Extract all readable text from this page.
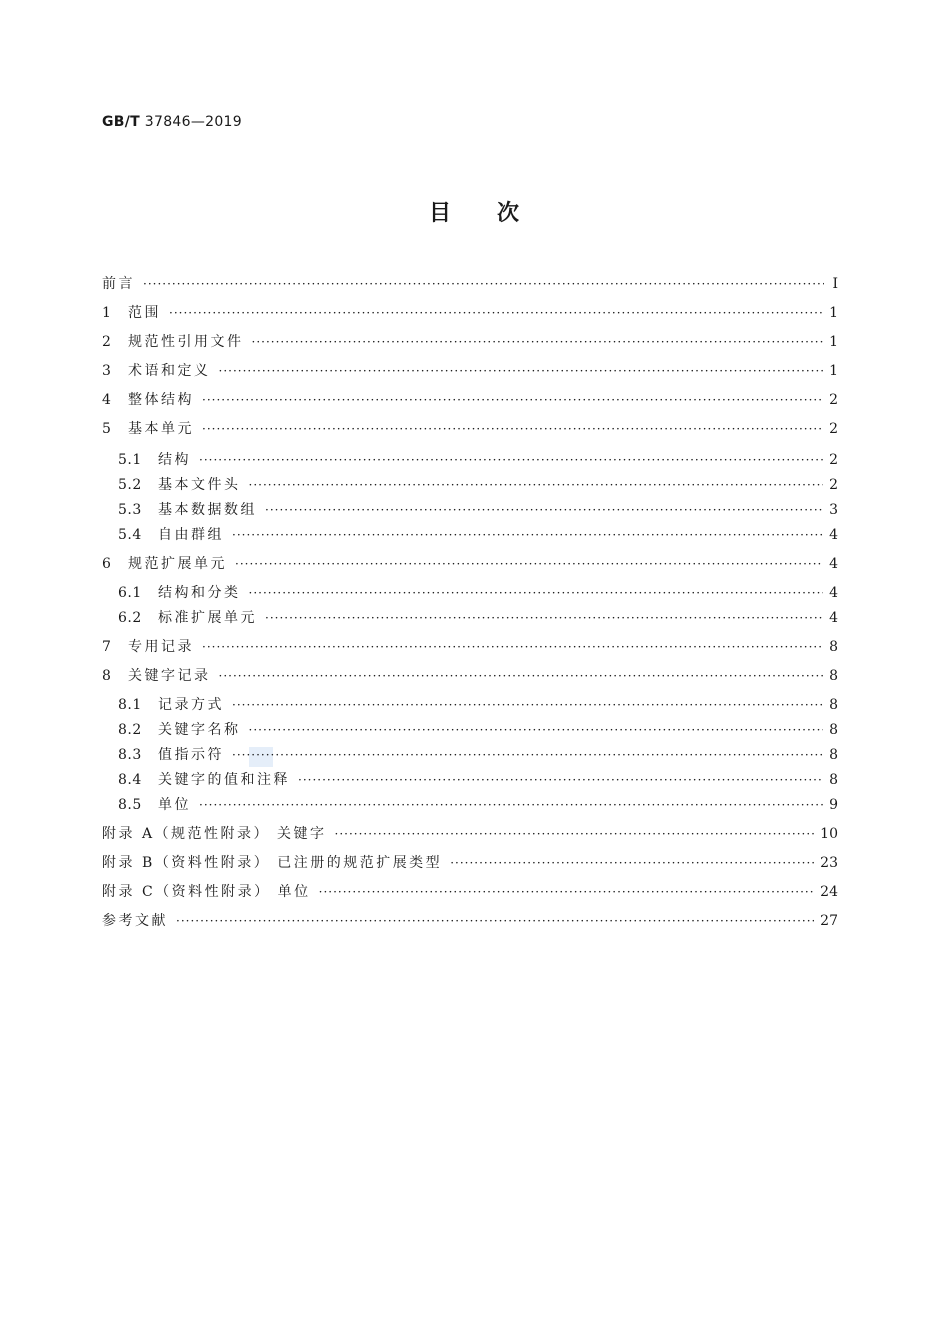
GB/T 37846—2019
目 次
前言 ·····	I
1	范围 ·····	1
2	规范性引用文件 ·····	1
3	术语和定义 ·····	1
4	整体结构 ·····	2
5	基本单元 ·····	2
5.1	结构 ·····	2
5.2	基本文件头 ·····	2
5.3	基本数据数组 ·····	3
5.4	自由群组 ·····	4
6	规范扩展单元 ·····	4
6.1	结构和分类 ·····	4
6.2	标准扩展单元 ·····	4
7	专用记录 ·····	8
8	关键字记录 ·····	8
8.1	记录方式 ·····	8
8.2	关键字名称 ·····	8
8.3	值指示符 ·····	8
8.4	关键字的值和注释 ·····	8
8.5	单位 ·····	9
附录 A（规范性附录） 关键字 ·····	10
附录 B（资料性附录） 已注册的规范扩展类型 ·····	23
附录 C（资料性附录） 单位 ·····	24
参考文献 ·····	27
